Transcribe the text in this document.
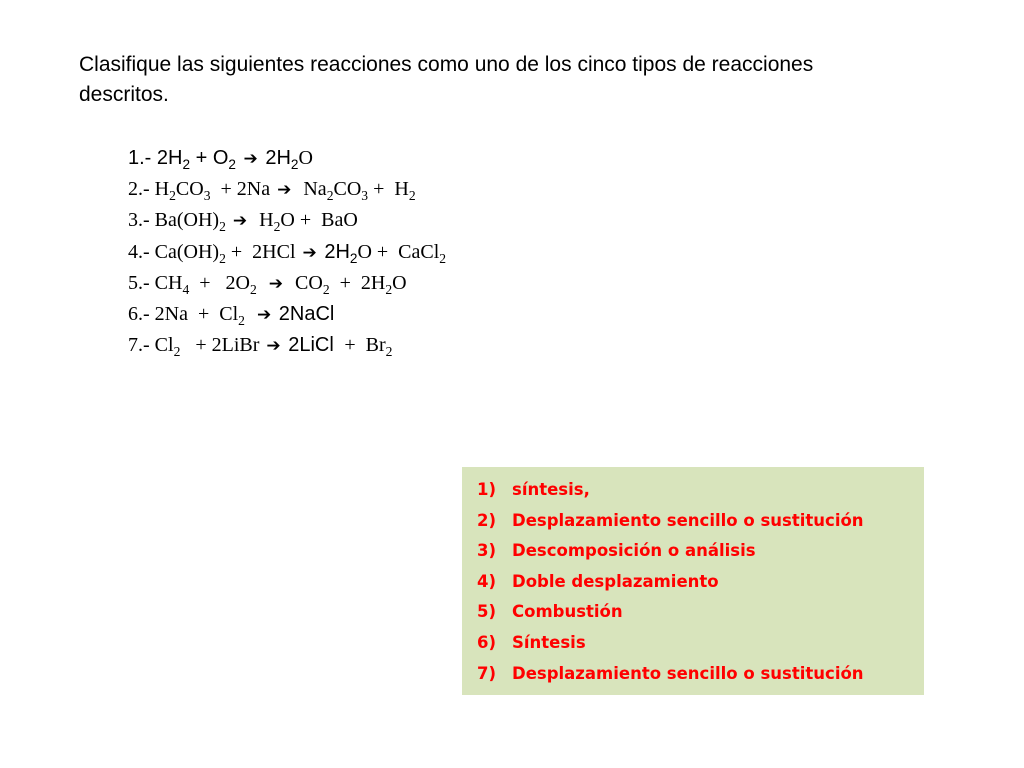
Clasifique las siguientes reacciones como uno de los cinco tipos de reacciones descritos.

1.- $2H_2 + O_2$ ➔ $2H_2O$
2.- $H_2CO_3 + 2Na$ ➔  $Na_2CO_3 + H_2$
3.- $Ba(OH)_2$ ➔  $H_2O$ +  BaO
4.- $Ca(OH)_2 + 2HCl$ ➔ $2H_2O$ +  CaCl$_2$
5.- $CH_4 + 2O_2$ ➔  $CO_2 + 2H_2O$
6.- $2Na + Cl_2$ ➔ 2NaCl
7.- $Cl_2$   + 2LiBr ➔ 2LiCl  +  $Br_2$
1) síntesis,
2) Desplazamiento sencillo o sustitución
3) Descomposición o análisis
4) Doble desplazamiento
5) Combustión
6) Síntesis
7) Desplazamiento sencillo o sustitución
